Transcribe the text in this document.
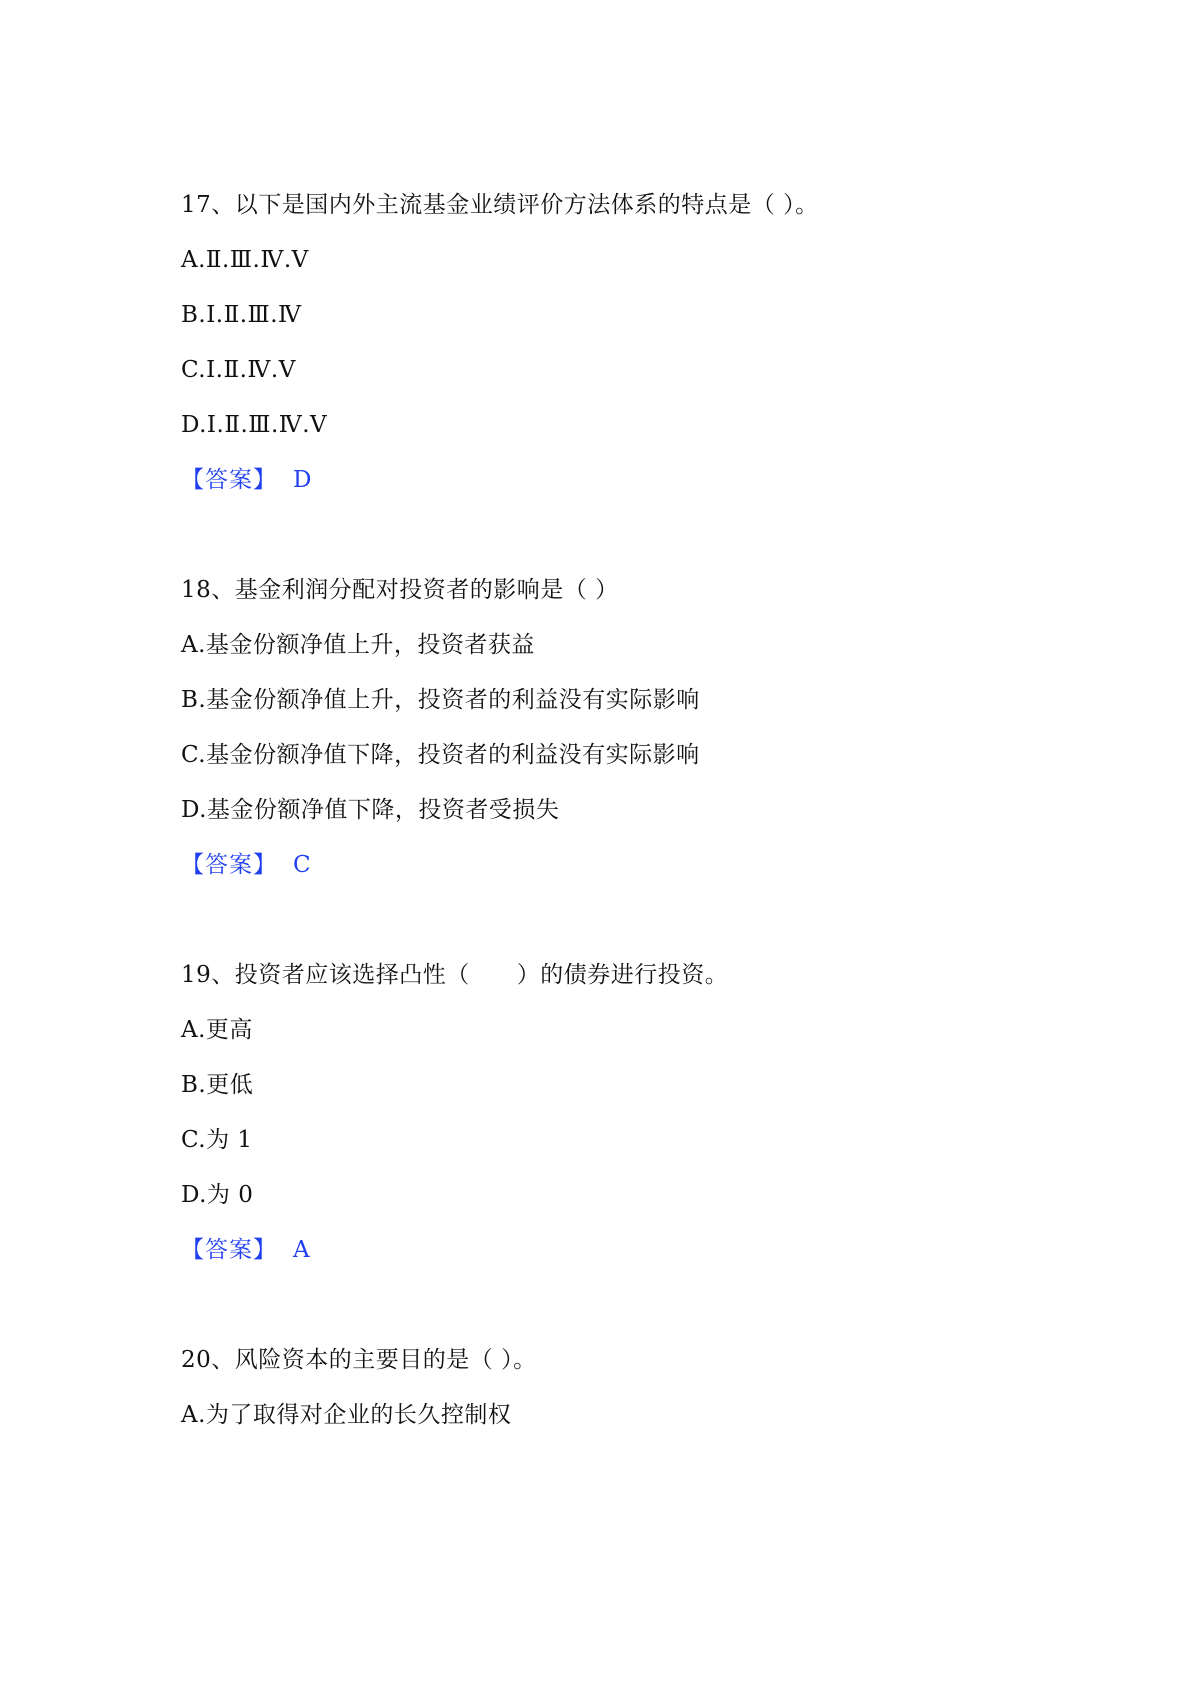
17、以下是国内外主流基金业绩评价方法体系的特点是（ ）。
A.Ⅱ.Ⅲ.Ⅳ.Ⅴ
B.Ⅰ.Ⅱ.Ⅲ.Ⅳ
C.Ⅰ.Ⅱ.Ⅳ.Ⅴ
D.Ⅰ.Ⅱ.Ⅲ.Ⅳ.Ⅴ
【答案】 D
18、基金利润分配对投资者的影响是（ ）
A.基金份额净值上升，投资者获益
B.基金份额净值上升，投资者的利益没有实际影响
C.基金份额净值下降，投资者的利益没有实际影响
D.基金份额净值下降，投资者受损失
【答案】 C
19、投资者应该选择凸性（　　）的债券进行投资。
A.更高
B.更低
C.为 1
D.为 0
【答案】 A
20、风险资本的主要目的是（ ）。
A.为了取得对企业的长久控制权
